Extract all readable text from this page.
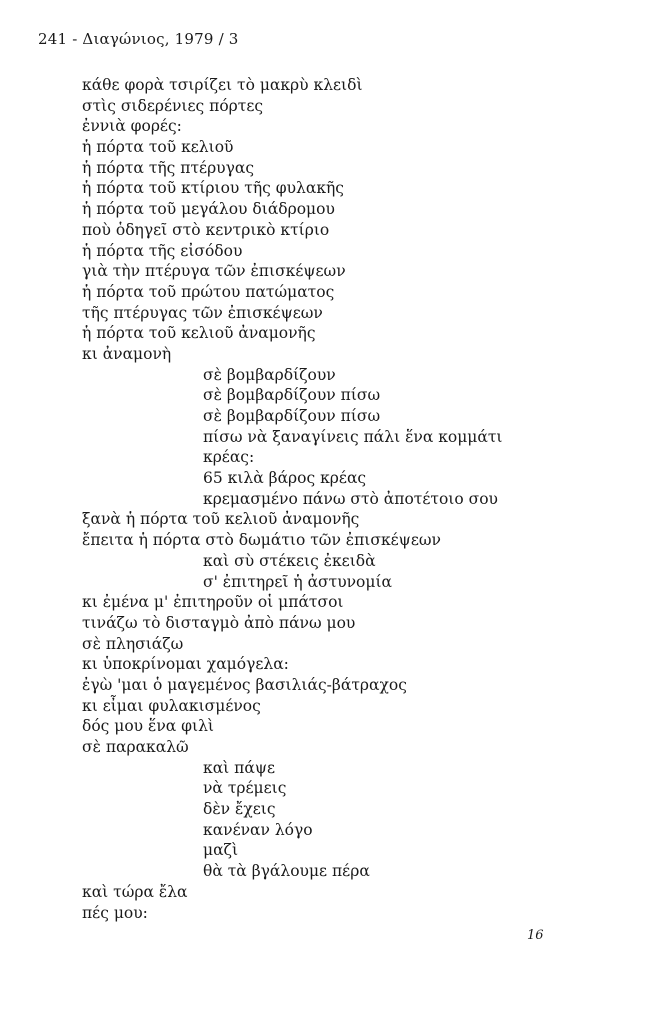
241 - Διαγώνιος, 1979 / 3
κάθε φορὰ τσιρίζει τὸ μακρὺ κλειδὶ
στὶς σιδερένιες πόρτες
ἐννιὰ φορές:
ἡ πόρτα τοῦ κελιοῦ
ἡ πόρτα τῆς πτέρυγας
ἡ πόρτα τοῦ κτίριου τῆς φυλακῆς
ἡ πόρτα τοῦ μεγάλου διάδρομου
ποὺ ὁδηγεῖ στὸ κεντρικὸ κτίριο
ἡ πόρτα τῆς εἰσόδου
γιὰ τὴν πτέρυγα τῶν ἐπισκέψεων
ἡ πόρτα τοῦ πρώτου πατώματος
τῆς πτέρυγας τῶν ἐπισκέψεων
ἡ πόρτα τοῦ κελιοῦ ἀναμονῆς
κι ἀναμονὴ
σὲ βομβαρδίζουν
σὲ βομβαρδίζουν πίσω
σὲ βομβαρδίζουν πίσω
πίσω νὰ ξαναγίνεις πάλι ἕνα κομμάτι
κρέας:
65 κιλὰ βάρος κρέας
κρεμασμένο πάνω στὸ ἀποτέτοιο σου
ξανὰ ἡ πόρτα τοῦ κελιοῦ ἀναμονῆς
ἔπειτα ἡ πόρτα στὸ δωμάτιο τῶν ἐπισκέψεων
καὶ σὺ στέκεις ἐκειδὰ
σ' ἐπιτηρεῖ ἡ ἀστυνομία
κι ἐμένα μ' ἐπιτηροῦν οἱ μπάτσοι
τινάζω τὸ δισταγμὸ ἀπὸ πάνω μου
σὲ πλησιάζω
κι ὑποκρίνομαι χαμόγελα:
ἐγὼ 'μαι ὁ μαγεμένος βασιλιάς-βάτραχος
κι εἶμαι φυλακισμένος
δός μου ἕνα φιλὶ
σὲ παρακαλῶ
καὶ πάψε
νὰ τρέμεις
δὲν ἔχεις
κανέναν λόγο
μαζὶ
θὰ τὰ βγάλουμε πέρα
καὶ τώρα ἔλα
πές μου:
16
